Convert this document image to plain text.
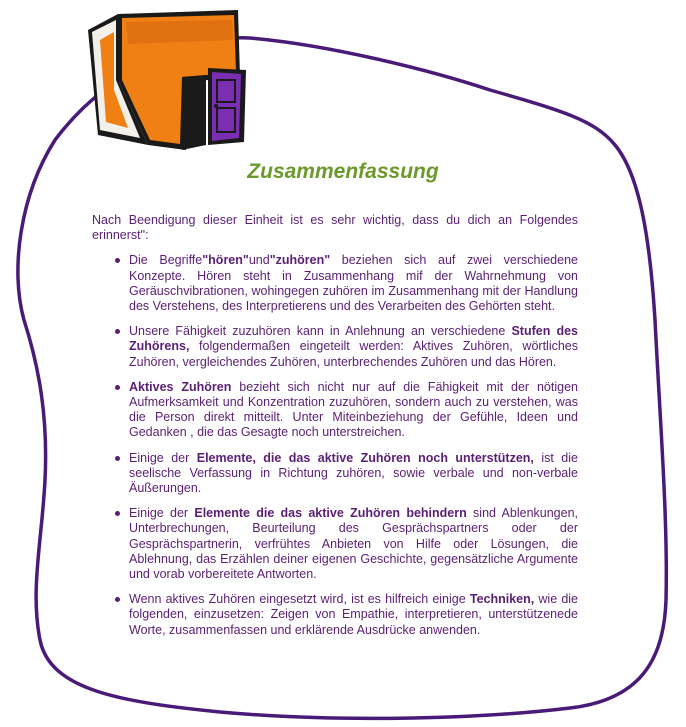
Zusammenfassung

Nach Beendigung dieser Einheit ist es sehr wichtig, dass du dich an Folgendes erinnerst":

Die Begriffe"hören"und"zuhören" beziehen sich auf zwei verschiedene Konzepte. Hören steht in Zusammenhang mif der Wahrnehmung von Geräuschvibrationen, wohingegen zuhören im Zusammenhang mit der Handlung des Verstehens, des Interpretierens und des Verarbeiten des Gehörten steht.
Unsere Fähigkeit zuzuhören kann in Anlehnung an verschiedene Stufen des Zuhörens, folgendermaßen eingeteilt werden: Aktives Zuhören, wörtliches Zuhören, vergleichendes Zuhören, unterbrechendes Zuhören und das Hören.
Aktives Zuhören bezieht sich nicht nur auf die Fähigkeit mit der nötigen Aufmerksamkeit und Konzentration zuzuhören, sondern auch zu verstehen, was die Person direkt mitteilt. Unter Miteinbeziehung der Gefühle, Ideen und Gedanken , die das Gesagte noch unterstreichen.
Einige der Elemente, die das aktive Zuhören noch unterstützen, ist die seelische Verfassung in Richtung zuhören, sowie verbale und non-verbale Äußerungen.
Einige der Elemente die das aktive Zuhören behindern sind Ablenkungen, Unterbrechungen, Beurteilung des Gesprächspartners oder der Gesprächspartnerin, verfrühtes Anbieten von Hilfe oder Lösungen, die Ablehnung, das Erzählen deiner eigenen Geschichte, gegensätzliche Argumente und vorab vorbereitete Antworten.
Wenn aktives Zuhören eingesetzt wird, ist es hilfreich einige Techniken, wie die folgenden, einzusetzen: Zeigen von Empathie, interpretieren, unterstützenede Worte, zusammenfassen und erklärende Ausdrücke anwenden.
